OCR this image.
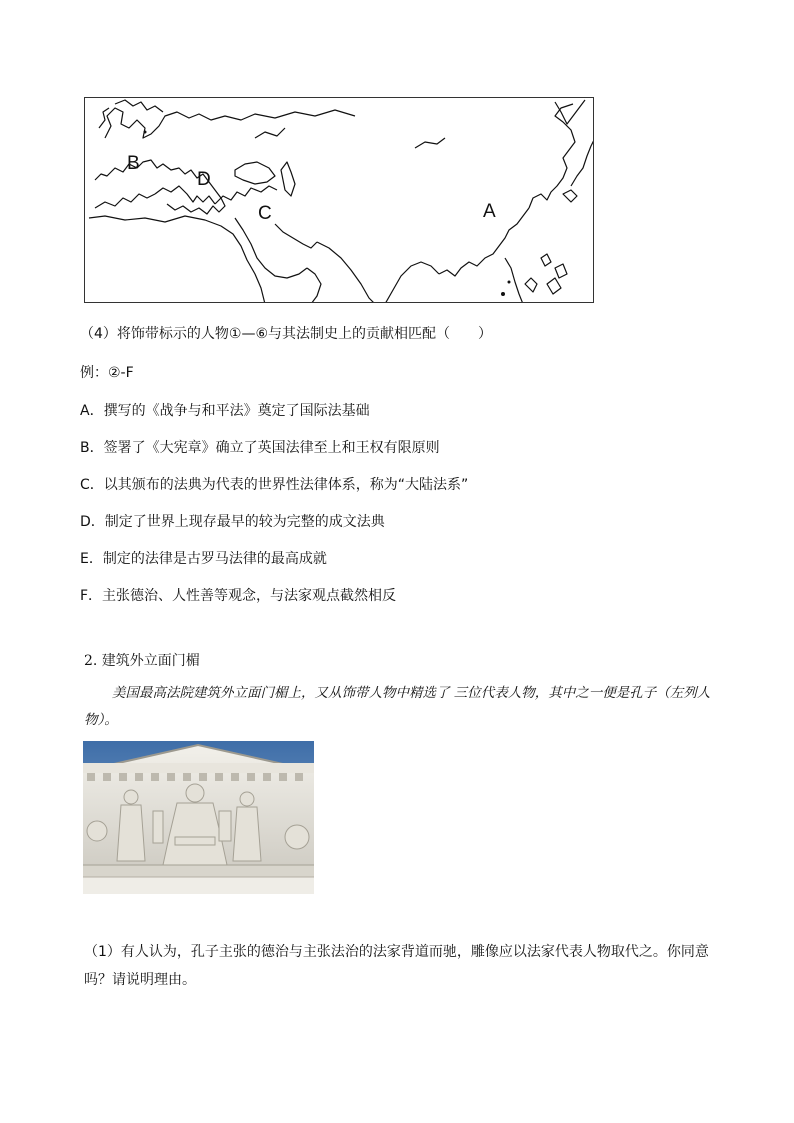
B
D
C	A
（4）将饰带标示的人物①—⑥与其法制史上的贡献相匹配（　　）
例：②-F
A．撰写的《战争与和平法》奠定了国际法基础
B．签署了《大宪章》确立了英国法律至上和王权有限原则
C．以其颁布的法典为代表的世界性法律体系，称为“大陆法系”
D．制定了世界上现存最早的较为完整的成文法典
E．制定的法律是古罗马法律的最高成就
F．主张德治、人性善等观念，与法家观点截然相反
2. 建筑外立面门楣
美国最高法院建筑外立面门楣上，又从饰带人物中精选了 三位代表人物，其中之一便是孔子（左列人物）。
（1）有人认为，孔子主张的德治与主张法治的法家背道而驰，雕像应以法家代表人物取代之。你同意吗？请说明理由。
